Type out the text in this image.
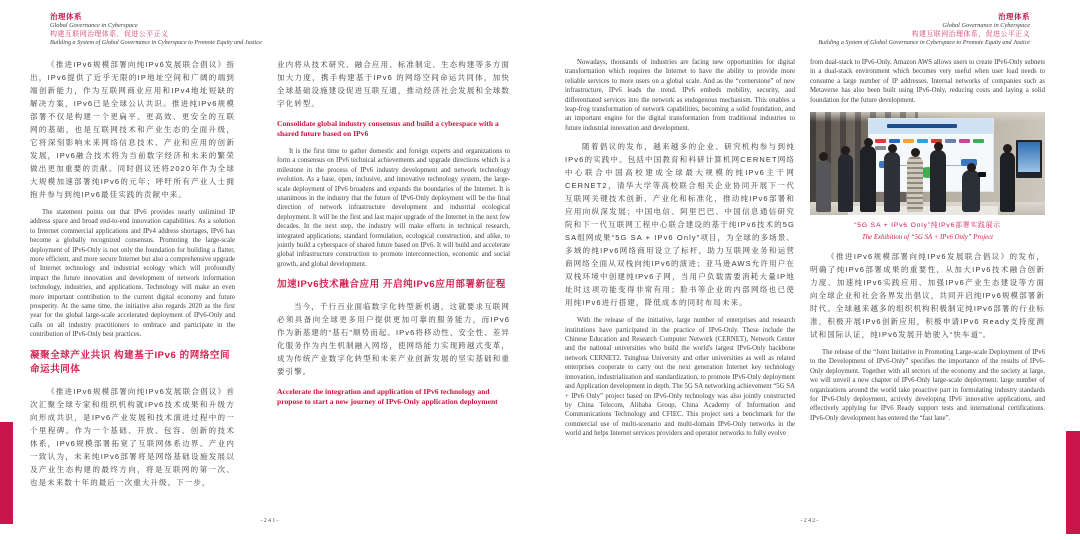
治理体系
Global Governance in Cyberspace
构建互联网治理体系，促进公平正义
Building a System of Global Governance in Cyberspace to Promote Equity and Justice

《推进IPv6规模部署向纯IPv6发展联合倡议》指出，IPv6提供了近乎无限的IP地址空间和广阔的端到端创新能力，作为互联网商业应用和IPv4地址短缺的解决方案，IPv6已是全球公认共识。推进纯IPv6规模部署不仅是构建一个更扁平、更高效、更安全的互联网的基础，也是互联网技术和产业生态的全面升级，它将深刻影响未来网络信息技术、产业和应用的创新发展，IPv6融合技术将为当前数字经济和未来的繁荣做出更加重要的贡献。同时倡议还将2020年作为全球大规模加速部署纯IPv6的元年；呼吁所有产业人士拥抱并参与到纯IPv6最佳实践的贡献中来。

The statement points out that IPv6 provides nearly unlimited IP address space and broad end-to-end innovation capabilities. As a solution to Internet commercial applications and IPv4 address shortages, IPv6 has become a globally recognized consensus. Promoting the large-scale deployment of IPv6-Only is not only the foundation for building a flatter, more efficient, and more secure Internet but also a comprehensive upgrade of Internet technology and industrial ecology which will profoundly impact the future innovation and development of network information technology, industries, and applications. Technology will make an even more important contribution to the current digital economy and future prosperity. At the same time, the initiative also regards 2020 as the first year for the global large-scale accelerated deployment of IPv6-Only and calls on all industry practitioners to embrace and participate in the contribution of IPv6-Only best practices.

凝聚全球产业共识 构建基于IPv6 的网络空间命运共同体

《推进IPv6规模部署向纯IPv6发展联合倡议》首次汇聚全球专家和组织机构就IPv6技术成果和升级方向形成共识，是IPv6产业发展和技术演进过程中的一个里程碑。作为一个基础、开放、包容、创新的技术体系，IPv6规模部署拓宽了互联网体系边界。产业内一致认为，未来纯IPv6部署将是网络基础设施发展以及产业生态构建的最终方向，将是互联网的第一次、也是未来数十年的最后一次重大升级。下一步，

业内将从技术研究、融合应用、标准制定、生态构建等多方面加大力度，携手构建基于IPv6 的网络空间命运共同体，加快全球基础设施建设促进互联互通，推动经济社会发展和全球数字化转型。

Consolidate global industry consensus and build a cyberspace with a shared future based on IPv6

It is the first time to gather domestic and foreign experts and organizations to form a consensus on IPv6 technical achievements and upgrade directions which is a milestone in the process of IPv6 industry development and network technology evolution. As a base, open, inclusive, and innovative technology system, the large-scale deployment of IPv6 broadens and expands the boundaries of the Internet. It is unanimous in the industry that the future of IPv6-Only deployment will be the final direction of network infrastructure development and industrial ecological deployment. It will be the first and last major upgrade of the Internet in the next few decades. In the next step, the industry will make efforts in technical research, integrated applications, standard formulation, ecological construction, and alike, to jointly build a cyberspace of shared future based on IPv6. It will build and accelerate global infrastructure construction to promote interconnection, economic and social growth, and global development.

加速IPv6技术融合应用 开启纯IPv6应用部署新征程

当今，千行百业面临数字化转型新机遇，这就要求互联网必须具备向全球更多用户提供更加可靠的服务能力，而IPv6作为新基建的“基石”顺势而起。IPv6将移动性、安全性、差异化服务作为内生机制融入网络，使网络能力实现跨越式变革，成为传统产业数字化转型和未来产业创新发展的坚实基础和重要引擎。

Accelerate the integration and application of IPv6 technology and propose to start a new journey of IPv6-Only application deployment
-241-
治理体系
Global Governance in Cyberspace
构建互联网治理体系，促进公平正义
Building a System of Global Governance in Cyberspace to Promote Equity and Justice

Nowadays, thousands of industries are facing new opportunities for digital transformation which requires the Internet to have the ability to provide more reliable services to more users on a global scale. And as the “cornerstone” of new infrastructure, IPv6 leads the trend. IPv6 embeds mobility, security, and differentiated services into the network as endogenous mechanism. This enables a leap-frog transformation of network capabilities, becoming a solid foundation, and an important engine for the digital transformation from traditional industries to future industrial innovation and development.

随着倡议的发布，越来越多的企业、研究机构参与到纯IPv6的实践中。包括中国教育和科研计算机网CERNET网络中心联合中国高校建成全球最大规模的纯IPv6主干网CERNET2，清华大学等高校联合相关企业协同开展下一代互联网关键技术创新、产业化和标准化，推动纯IPv6部署和应用向纵深发展；中国电信、阿里巴巴、中国信息通信研究院和下一代互联网工程中心联合建设的基于纯IPv6技术的5G SA组网成果“5G SA + IPv6 Only”项目，为全球的多场景、多域的纯IPv6网络商用设立了标杆，助力互联网业务和运营商网络全面从双栈向纯IPv6的演进；亚马逊AWS允许用户在双栈环境中创建纯IPv6子网，当用户负载需要消耗大量IP地址时这项功能变得非常有用；脸书等企业的内部网络也已使用纯IPv6进行搭建，降低成本的同时布局未来。

With the release of the initiative, large number of enterprises and research institutions have participated in the practice of IPv6-Only. These include the Chinese Education and Research Computer Network (CERNET), Network Center and the national universities who build the world's largest IPv6-Only backbone network CERNET2. Tsinghua University and other universities as well as related enterprises cooperate to carry out the next generation Internet key technology innovation, industrialization and standardization, to promote IPv6-Only deployment and Application development in depth. The 5G SA networking achievement “5G SA + IPv6 Only” project based on IPv6-Only technology was also jointly constructed by China Telecom, Alibaba Group, China Academy of Information and Communications Technology and CFIEC. This project sets a benchmark for the commercial use of multi-scenario and multi-domain IPv6-Only networks in the world and helps Internet services providers and operator networks to fully evolve

from dual-stack to IPv6-Only. Amazon AWS allows users to create IPv6-Only subnets in a dual-stack environment which becomes very useful when user load needs to consume a large number of IP addresses. Internal networks of companies such as Metaverse has also been built using IPv6-Only, reducing costs and laying a solid foundation for the future development.

“5G SA + IPv6 Only”纯IPv6部署实践展示
The Exhibition of “5G SA + IPv6 Only” Project

《推进IPv6规模部署向纯IPv6发展联合倡议》的发布，明确了纯IPv6部署成果的重要性，从加大IPv6技术融合创新力度、加速纯IPv6实践应用、加强IPv6产业生态建设等方面向全球企业和社会各界发出倡议，共同开启纯IPv6规模部署新时代。全球越来越多的组织机构积极制定纯IPv6部署的行业标准，积极开展IPv6创新应用，积极申请IPv6 Ready支持度测试和国际认证，纯IPv6发展开始驶入“快车道”。

The release of the “Joint Initiative in Promoting Large-scale Deployment of IPv6 to the Development of IPv6-Only” specifies the importance of the results of IPv6-Only deployment. Together with all sectors of the economy and the society at large, we will unveil a new chapter of IPv6-Only large-scale deployment. large number of organizations around the world take proactive part in formulating industry standards for IPv6-Only deployment, actively developing IPv6 innovative applications, and effectively applying for IPv6 Ready support tests and international certifications. IPv6-Only development has entered the “fast lane”.

-242-
